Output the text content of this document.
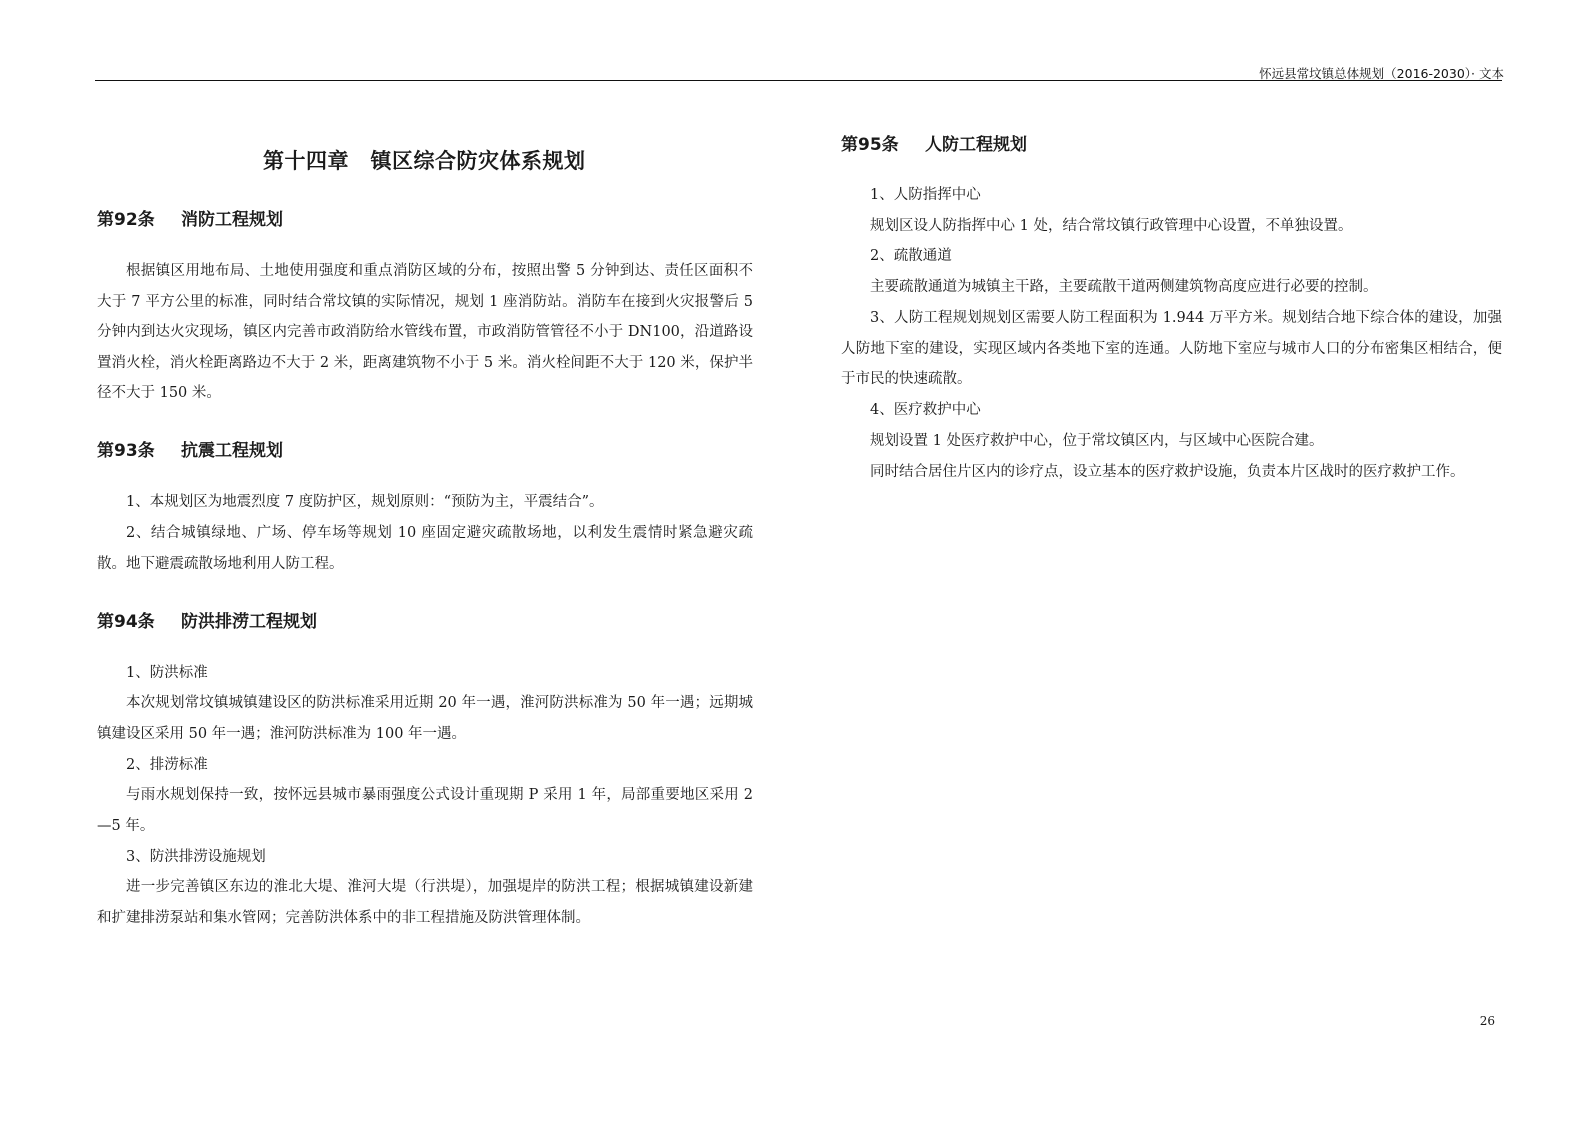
怀远县常坟镇总体规划（2016-2030）· 文本
第十四章　镇区综合防灾体系规划
第92条 消防工程规划

根据镇区用地布局、土地使用强度和重点消防区域的分布，按照出警 5 分钟到达、责任区面积不大于 7 平方公里的标准，同时结合常坟镇的实际情况，规划 1 座消防站。消防车在接到火灾报警后 5 分钟内到达火灾现场，镇区内完善市政消防给水管线布置，市政消防管管径不小于 DN100，沿道路设置消火栓，消火栓距离路边不大于 2 米，距离建筑物不小于 5 米。消火栓间距不大于 120 米，保护半径不大于 150 米。

第93条 抗震工程规划

1、本规划区为地震烈度 7 度防护区，规划原则：“预防为主，平震结合”。

2、结合城镇绿地、广场、停车场等规划 10 座固定避灾疏散场地，以利发生震情时紧急避灾疏散。地下避震疏散场地利用人防工程。

第94条 防洪排涝工程规划

1、防洪标准

本次规划常坟镇城镇建设区的防洪标准采用近期 20 年一遇，淮河防洪标准为 50 年一遇；远期城镇建设区采用 50 年一遇；淮河防洪标准为 100 年一遇。

2、排涝标准

与雨水规划保持一致，按怀远县城市暴雨强度公式设计重现期 P 采用 1 年，局部重要地区采用 2—5 年。

3、防洪排涝设施规划

进一步完善镇区东边的淮北大堤、淮河大堤（行洪堤），加强堤岸的防洪工程；根据城镇建设新建和扩建排涝泵站和集水管网；完善防洪体系中的非工程措施及防洪管理体制。

第95条 人防工程规划

1、人防指挥中心

规划区设人防指挥中心 1 处，结合常坟镇行政管理中心设置，不单独设置。

2、疏散通道

主要疏散通道为城镇主干路，主要疏散干道两侧建筑物高度应进行必要的控制。

3、人防工程规划规划区需要人防工程面积为 1.944 万平方米。规划结合地下综合体的建设，加强人防地下室的建设，实现区域内各类地下室的连通。人防地下室应与城市人口的分布密集区相结合，便于市民的快速疏散。

4、医疗救护中心

规划设置 1 处医疗救护中心，位于常坟镇区内，与区域中心医院合建。

同时结合居住片区内的诊疗点，设立基本的医疗救护设施，负责本片区战时的医疗救护工作。

26
